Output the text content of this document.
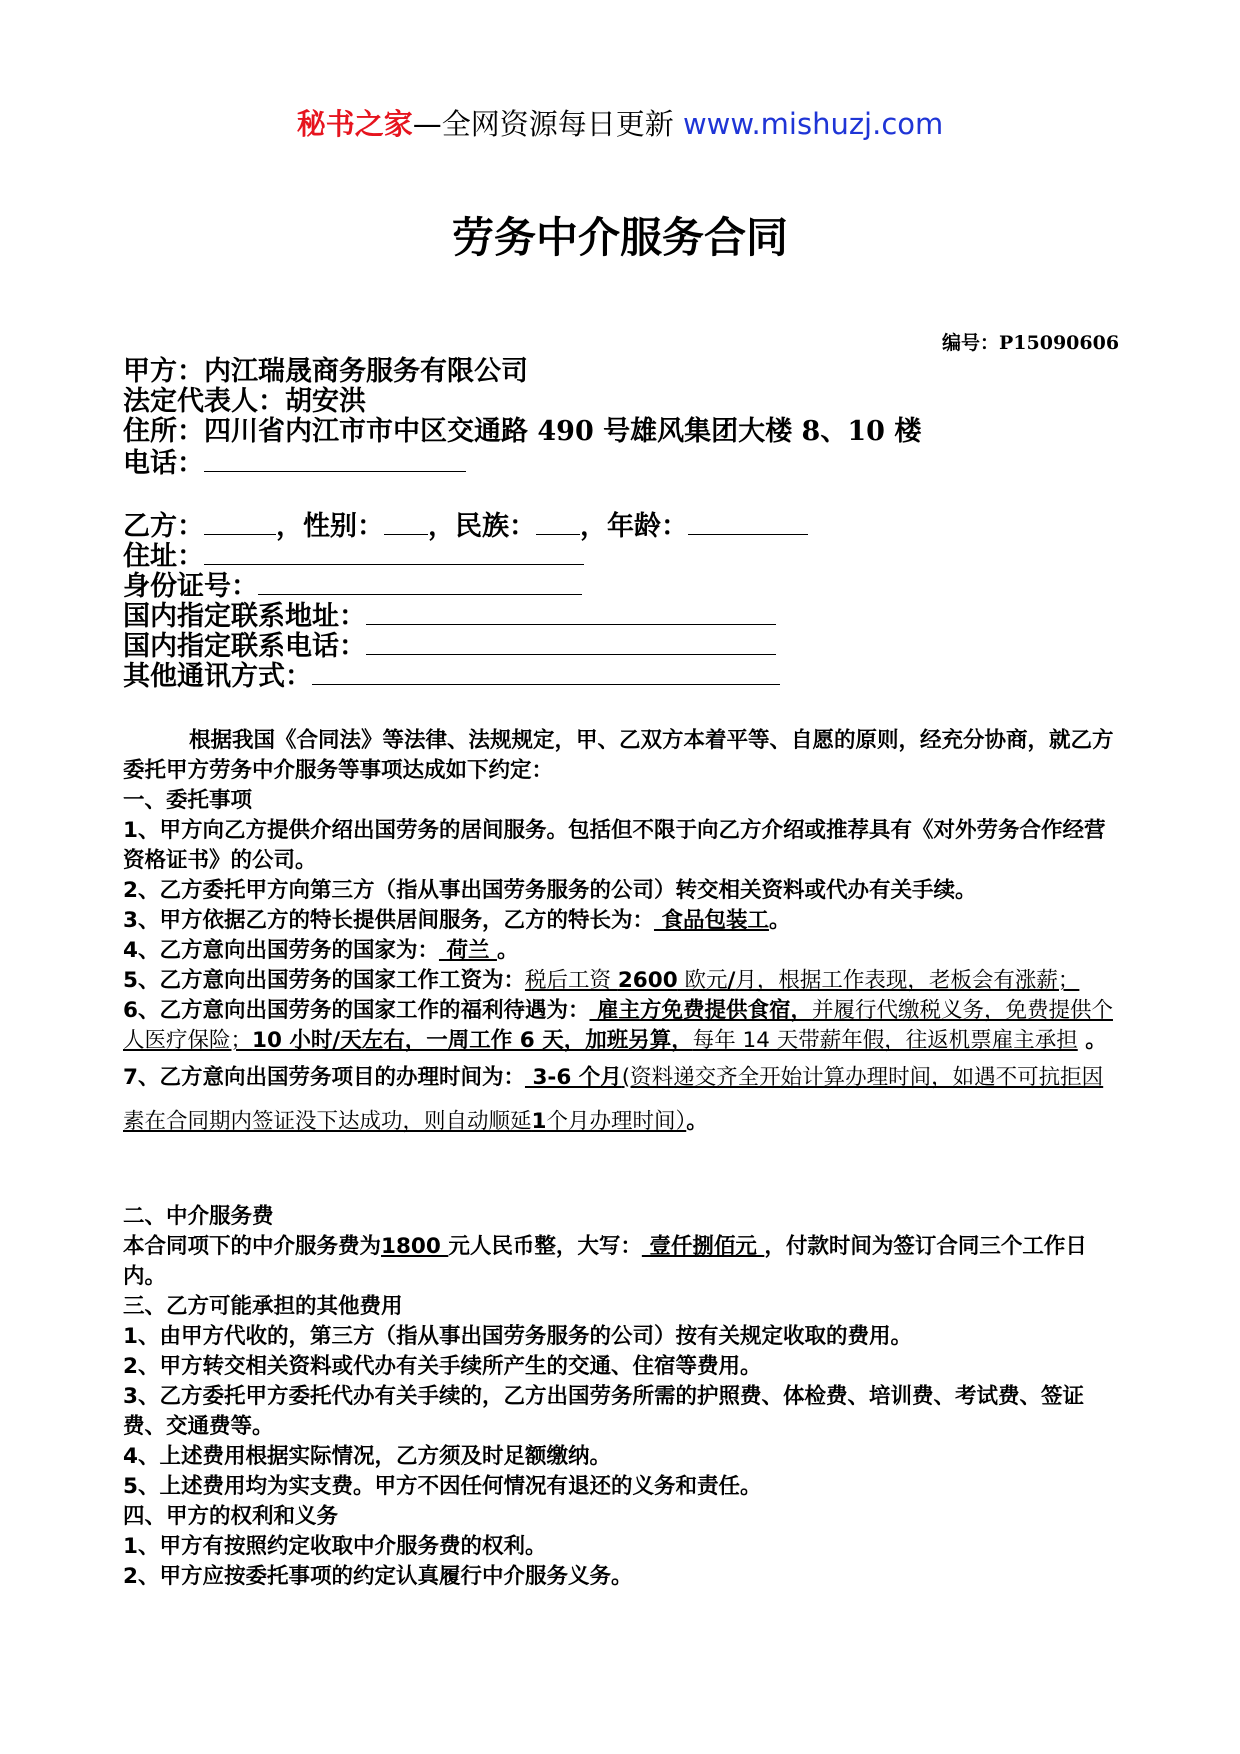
秘书之家—全网资源每日更新 www.mishuzj.com
劳务中介服务合同
编号：P15090606
甲方：内江瑞晟商务服务有限公司
法定代表人：胡安洪
住所：四川省内江市市中区交通路 490 号雄风集团大楼 8、10 楼
电话：
乙方：	，性别： ，民族： ，年龄：
住址：
身份证号：
国内指定联系地址：
国内指定联系电话：
其他通讯方式：

根据我国《合同法》等法律、法规规定，甲、乙双方本着平等、自愿的原则，经充分协商，就乙方委托甲方劳务中介服务等事项达成如下约定：

一、委托事项

1、甲方向乙方提供介绍出国劳务的居间服务。包括但不限于向乙方介绍或推荐具有《对外劳务合作经营资格证书》的公司。

2、乙方委托甲方向第三方（指从事出国劳务服务的公司）转交相关资料或代办有关手续。

3、甲方依据乙方的特长提供居间服务，乙方的特长为： 食品包装工。

4、乙方意向出国劳务的国家为： 荷兰 。

5、乙方意向出国劳务的国家工作工资为：税后工资 2600 欧元/月，根据工作表现，老板会有涨薪；

6、乙方意向出国劳务的国家工作的福利待遇为： 雇主方免费提供食宿，并履行代缴税义务，免费提供个人医疗保险；10 小时/天左右，一周工作 6 天，加班另算，每年 14 天带薪年假，往返机票雇主承担 。

7、乙方意向出国劳务项目的办理时间为： 3-6 个月(资料递交齐全开始计算办理时间，如遇不可抗拒因素在合同期内签证没下达成功，则自动顺延1个月办理时间）。

二、中介服务费

本合同项下的中介服务费为1800 元人民币整，大写： 壹仟捌佰元 ，付款时间为签订合同三个工作日内。

三、乙方可能承担的其他费用

1、由甲方代收的，第三方（指从事出国劳务服务的公司）按有关规定收取的费用。

2、甲方转交相关资料或代办有关手续所产生的交通、住宿等费用。

3、乙方委托甲方委托代办有关手续的，乙方出国劳务所需的护照费、体检费、培训费、考试费、签证费、交通费等。

4、上述费用根据实际情况，乙方须及时足额缴纳。

5、上述费用均为实支费。甲方不因任何情况有退还的义务和责任。

四、甲方的权利和义务

1、甲方有按照约定收取中介服务费的权利。

2、甲方应按委托事项的约定认真履行中介服务义务。
